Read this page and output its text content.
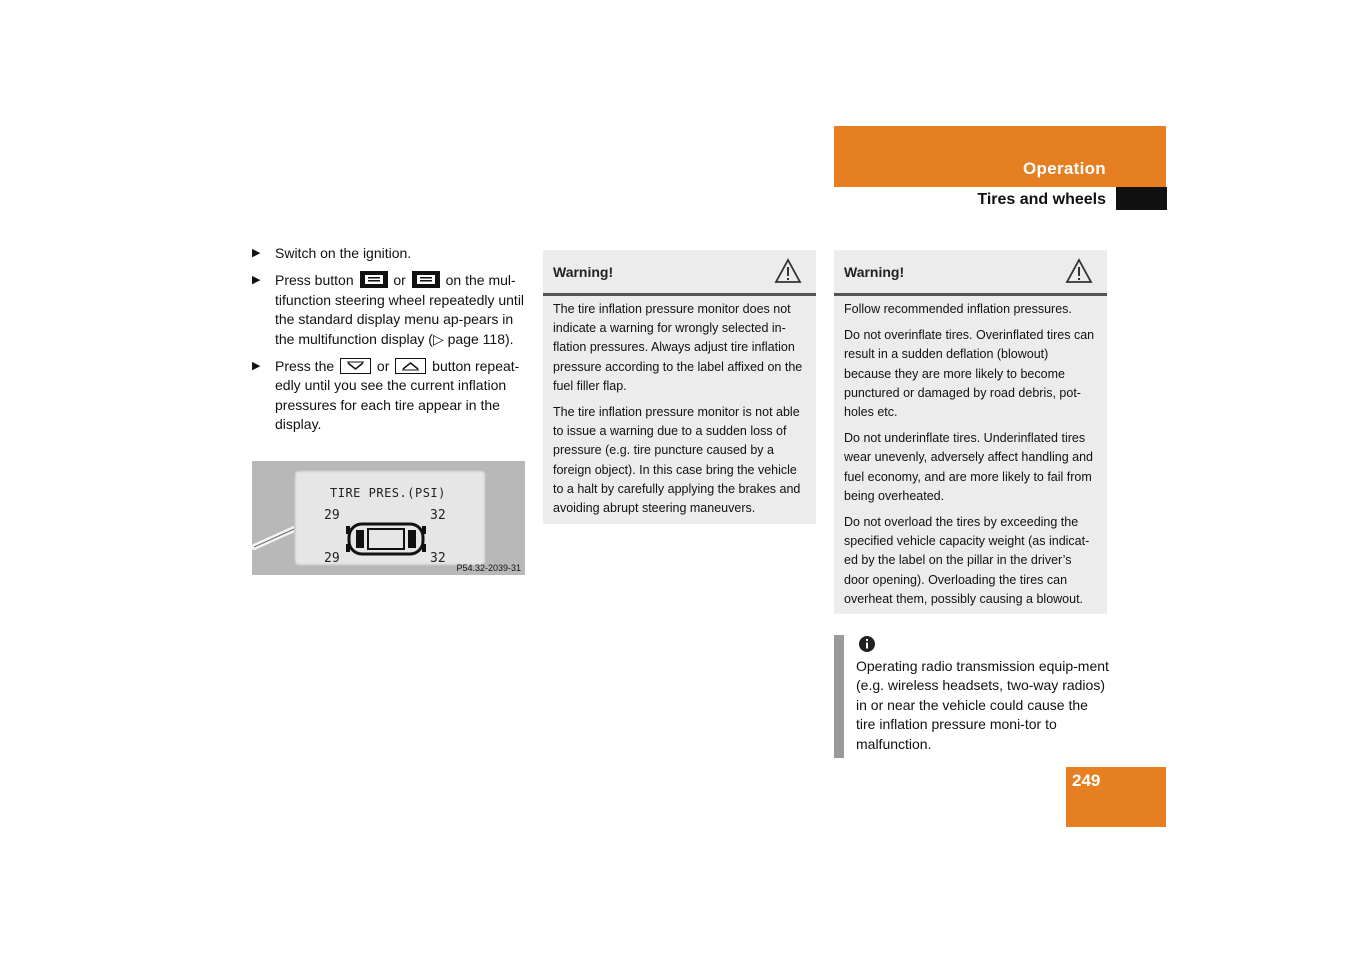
Operation
Tires and wheels
▶ Switch on the ignition.
▶ Press button	or	on the mul-tifunction steering wheel repeatedly until the standard display menu ap-pears in the multifunction display (▷ page 118).
▶ Press the	or	button repeat-edly until you see the current inflation pressures for each tire appear in the display.
TIRE PRES.(PSI)
29	32
29	32
P54.32-2039-31
Warning!

The tire inflation pressure monitor does not indicate a warning for wrongly selected in-flation pressures. Always adjust tire inflation pressure according to the label affixed on the fuel filler flap.

The tire inflation pressure monitor is not able to issue a warning due to a sudden loss of pressure (e.g. tire puncture caused by a foreign object). In this case bring the vehicle to a halt by carefully applying the brakes and avoiding abrupt steering maneuvers.

Warning!

Follow recommended inflation pressures.

Do not overinflate tires. Overinflated tires can result in a sudden deflation (blowout) because they are more likely to become punctured or damaged by road debris, pot-holes etc.

Do not underinflate tires. Underinflated tires wear unevenly, adversely affect handling and fuel economy, and are more likely to fail from being overheated.

Do not overload the tires by exceeding the specified vehicle capacity weight (as indicat-ed by the label on the pillar in the driver’s door opening). Overloading the tires can overheat them, possibly causing a blowout.

Operating radio transmission equip-ment (e.g. wireless headsets, two-way radios) in or near the vehicle could cause the tire inflation pressure moni-tor to malfunction.
249
